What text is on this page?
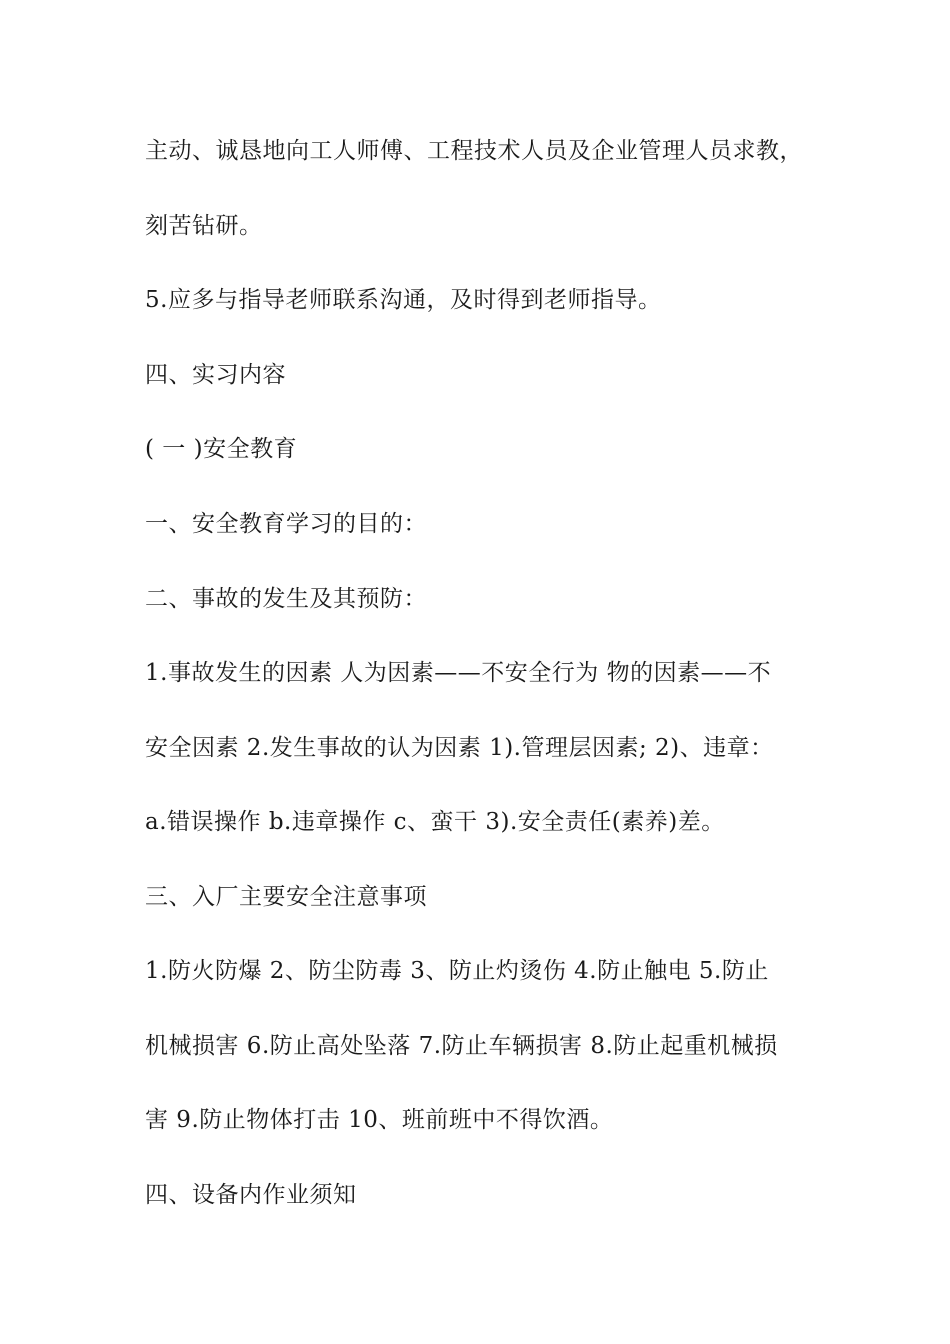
主动、诚恳地向工人师傅、工程技术人员及企业管理人员求教，
刻苦钻研。
5.应多与指导老师联系沟通，及时得到老师指导。
四、实习内容
( 一 )安全教育
一、安全教育学习的目的：
二、事故的发生及其预防：
1.事故发生的因素 人为因素——不安全行为 物的因素——不
安全因素 2.发生事故的认为因素 1).管理层因素; 2)、违章：
a.错误操作 b.违章操作 c、蛮干 3).安全责任(素养)差。
三、入厂主要安全注意事项
1.防火防爆 2、防尘防毒 3、防止灼烫伤 4.防止触电 5.防止
机械损害 6.防止高处坠落 7.防止车辆损害 8.防止起重机械损
害 9.防止物体打击 10、班前班中不得饮酒。
四、设备内作业须知
